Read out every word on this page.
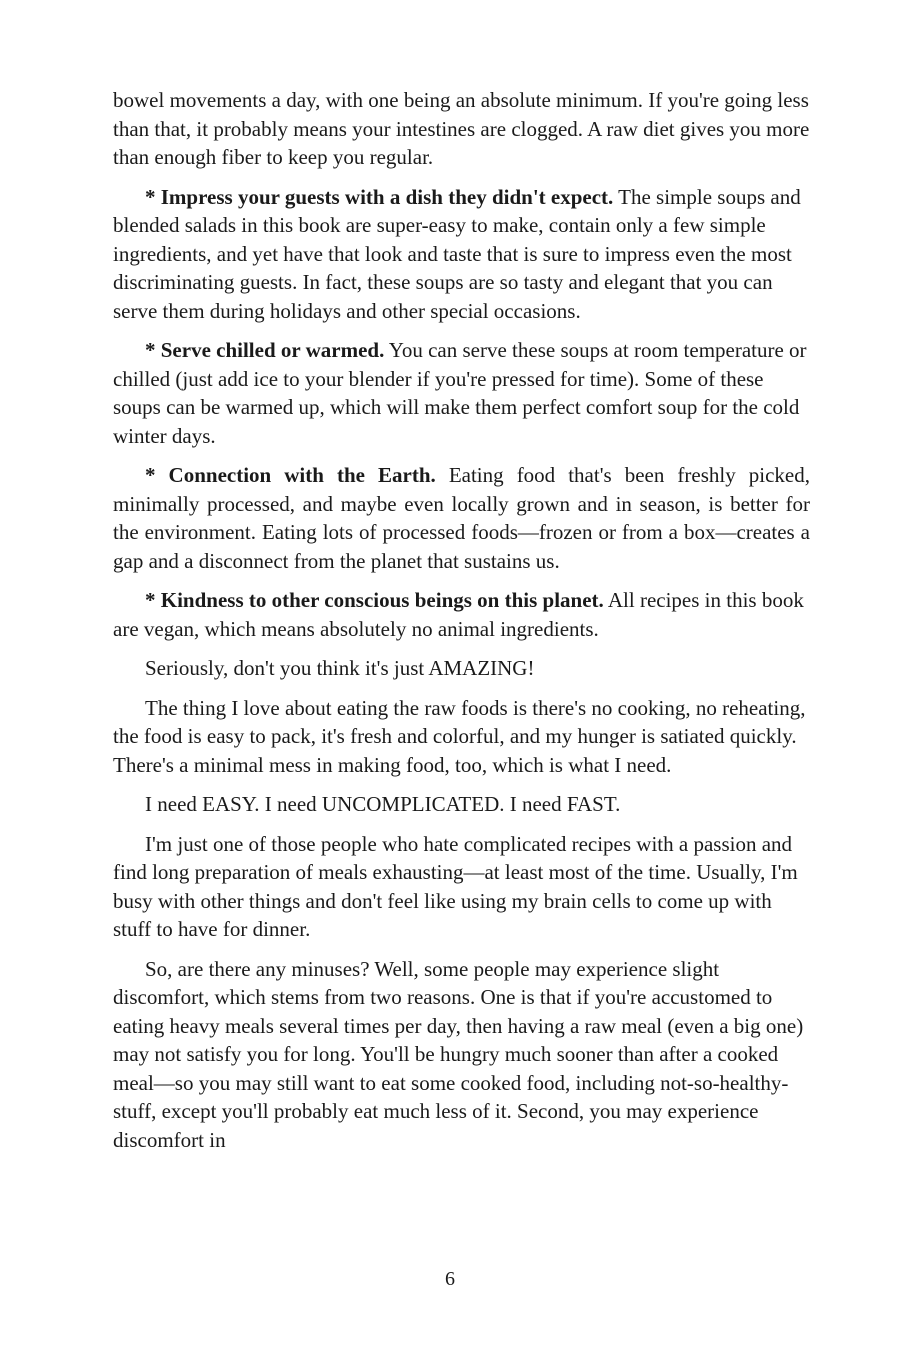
bowel movements a day, with one being an absolute minimum. If you're going less than that, it probably means your intestines are clogged. A raw diet gives you more than enough fiber to keep you regular.

* Impress your guests with a dish they didn't expect. The simple soups and blended salads in this book are super-easy to make, contain only a few simple ingredients, and yet have that look and taste that is sure to impress even the most discriminating guests. In fact, these soups are so tasty and elegant that you can serve them during holidays and other special occasions.

* Serve chilled or warmed. You can serve these soups at room temperature or chilled (just add ice to your blender if you're pressed for time). Some of these soups can be warmed up, which will make them perfect comfort soup for the cold winter days.

* Connection with the Earth. Eating food that's been freshly picked, minimally processed, and maybe even locally grown and in season, is better for the environment. Eating lots of processed foods—frozen or from a box—creates a gap and a disconnect from the planet that sustains us.

* Kindness to other conscious beings on this planet. All recipes in this book are vegan, which means absolutely no animal ingredients.

Seriously, don't you think it's just AMAZING!

The thing I love about eating the raw foods is there's no cooking, no reheating, the food is easy to pack, it's fresh and colorful, and my hunger is satiated quickly. There's a minimal mess in making food, too, which is what I need.

I need EASY. I need UNCOMPLICATED. I need FAST.

I'm just one of those people who hate complicated recipes with a passion and find long preparation of meals exhausting—at least most of the time. Usually, I'm busy with other things and don't feel like using my brain cells to come up with stuff to have for dinner.

So, are there any minuses? Well, some people may experience slight discomfort, which stems from two reasons. One is that if you're accustomed to eating heavy meals several times per day, then having a raw meal (even a big one) may not satisfy you for long. You'll be hungry much sooner than after a cooked meal—so you may still want to eat some cooked food, including not-so-healthy-stuff, except you'll probably eat much less of it. Second, you may experience discomfort in

6
